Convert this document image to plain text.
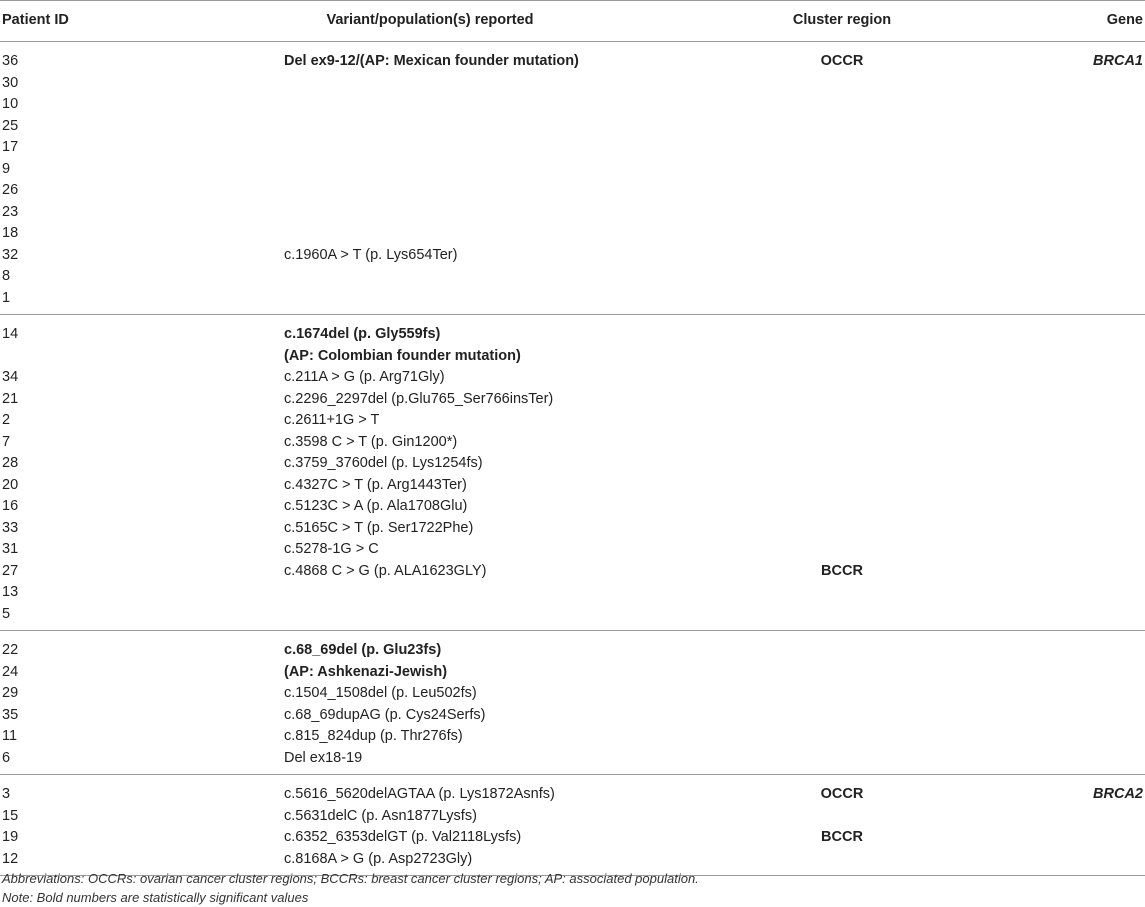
Patient ID	Variant/population(s) reported	Cluster region	Gene
36	Del ex9-12/(AP: Mexican founder mutation)	OCCR	BRCA1
30
10
25
17
9
26
23
18
32	c.1960A > T (p. Lys654Ter)
8
1
14	c.1674del (p. Gly559fs)
(AP: Colombian founder mutation)
34	c.211A > G (p. Arg71Gly)
21	c.2296_2297del (p.Glu765_Ser766insTer)
2	c.2611+1G > T
7	c.3598 C > T (p. Gin1200*)
28	c.3759_3760del (p. Lys1254fs)
20	c.4327C > T (p. Arg1443Ter)
16	c.5123C > A (p. Ala1708Glu)
33	c.5165C > T (p. Ser1722Phe)
31	c.5278-1G > C
27	c.4868 C > G (p. ALA1623GLY)	BCCR
13
5
22	c.68_69del (p. Glu23fs)
24	(AP: Ashkenazi-Jewish)
29	c.1504_1508del (p. Leu502fs)
35	c.68_69dupAG (p. Cys24Serfs)
11	c.815_824dup (p. Thr276fs)
6	Del ex18-19
3	c.5616_5620delAGTAA (p. Lys1872Asnfs)	OCCR	BRCA2
15	c.5631delC (p. Asn1877Lysfs)
19	c.6352_6353delGT (p. Val2118Lysfs)	BCCR
12	c.8168A > G (p. Asp2723Gly)
Abbreviations: OCCRs: ovarian cancer cluster regions; BCCRs: breast cancer cluster regions; AP: associated population.
Note: Bold numbers are statistically significant values
